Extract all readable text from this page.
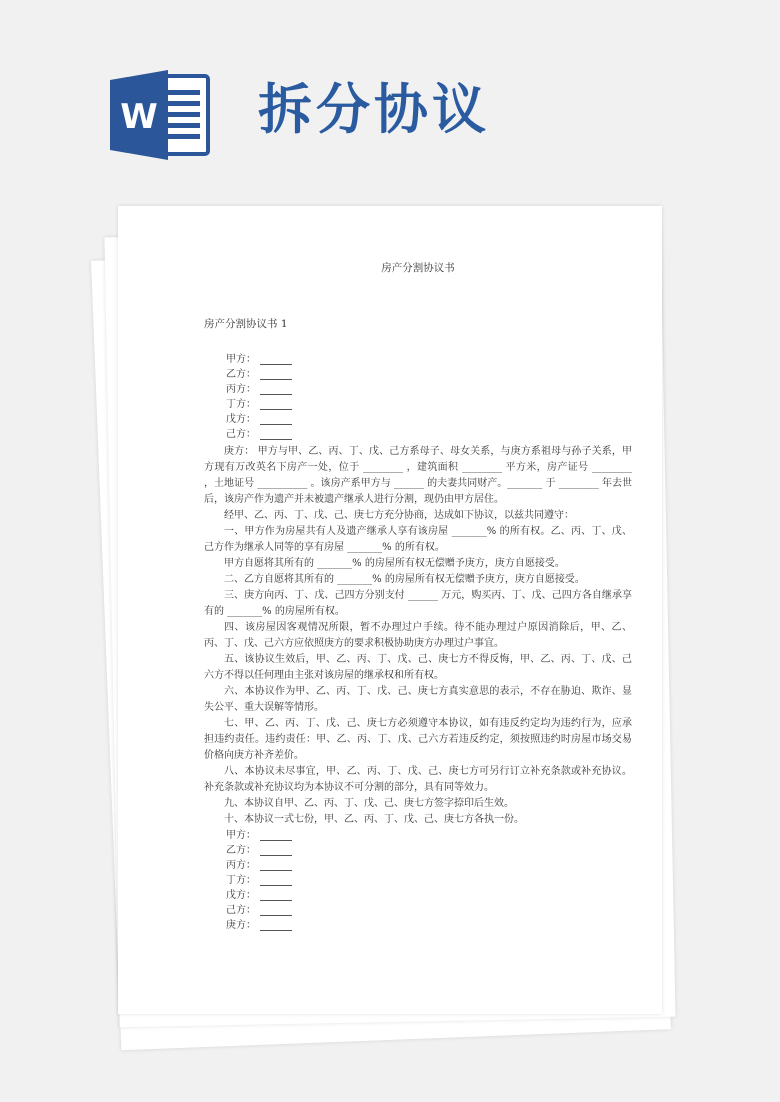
W 拆分协议
房产分割协议书
房产分割协议书 1
甲方：
乙方：
丙方：
丁方：
戊方：
己方：

庚方： 甲方与甲、乙、丙、丁、戊、己方系母子、母女关系，与庚方系祖母与孙子关系，甲方现有万改英名下房产一处，位于 ________ ，建筑面积 ________ 平方米，房产证号 ________ ，土地证号 __________ 。该房产系甲方与 ______ 的夫妻共同财产。_______ 于 ________ 年去世后，该房产作为遗产并未被遗产继承人进行分割，现仍由甲方居住。

经甲、乙、丙、丁、戊、己、庚七方充分协商，达成如下协议，以兹共同遵守：

一、甲方作为房屋共有人及遗产继承人享有该房屋 _______% 的所有权。乙、丙、丁、戊、己方作为继承人同等的享有房屋 _______% 的所有权。

甲方自愿将其所有的 _______% 的房屋所有权无偿赠予庚方，庚方自愿接受。

二、乙方自愿将其所有的 _______% 的房屋所有权无偿赠予庚方，庚方自愿接受。

三、庚方向丙、丁、戊、己四方分别支付 ______ 万元，购买丙、丁、戊、己四方各自继承享有的 _______% 的房屋所有权。

四、该房屋因客观情况所限，暂不办理过户手续。待不能办理过户原因消除后，甲、乙、丙、丁、戊、己六方应依照庚方的要求积极协助庚方办理过户事宜。

五、该协议生效后，甲、乙、丙、丁、戊、己、庚七方不得反悔，甲、乙、丙、丁、戊、己六方不得以任何理由主张对该房屋的继承权和所有权。

六、本协议作为甲、乙、丙、丁、戊、己、庚七方真实意思的表示，不存在胁迫、欺诈、显失公平、重大误解等情形。

七、甲、乙、丙、丁、戊、己、庚七方必须遵守本协议，如有违反约定均为违约行为，应承担违约责任。违约责任：甲、乙、丙、丁、戊、己六方若违反约定，须按照违约时房屋市场交易价格向庚方补齐差价。

八、本协议未尽事宜，甲、乙、丙、丁、戊、己、庚七方可另行订立补充条款或补充协议。补充条款或补充协议均为本协议不可分割的部分，具有同等效力。

九、本协议自甲、乙、丙、丁、戊、己、庚七方签字捺印后生效。

十、本协议一式七份，甲、乙、丙、丁、戊、己、庚七方各执一份。

甲方：
乙方：
丙方：
丁方：
戊方：
己方：
庚方：
